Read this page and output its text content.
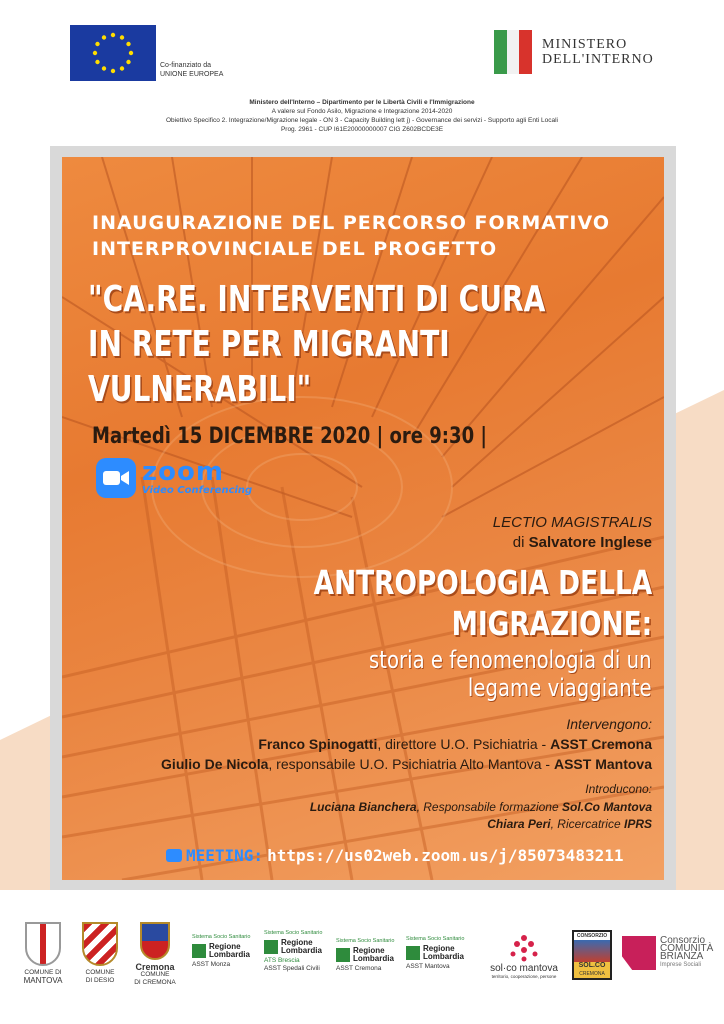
Co-finanziato da
UNIONE EUROPEA
MINISTERO
DELL'INTERNO
Ministero dell'Interno – Dipartimento per le Libertà Civili e l'Immigrazione
A valere sul Fondo Asilo, Migrazione e Integrazione 2014-2020
Obiettivo Specifico 2. Integrazione/Migrazione legale - ON 3 - Capacity Building lett j) - Governance dei servizi - Supporto agli Enti Locali
Prog. 2961 - CUP I61E20000000007 CIG Z602BCDE3E
INAUGURAZIONE DEL PERCORSO FORMATIVO
INTERPROVINCIALE DEL PROGETTO
"CA.RE. INTERVENTI DI CURA
IN RETE PER MIGRANTI
VULNERABILI"
Martedì 15 DICEMBRE 2020 | ore 9:30 |
zoom
Video Conferencing
LECTIO MAGISTRALIS
di Salvatore Inglese
ANTROPOLOGIA DELLA
MIGRAZIONE:
storia e fenomenologia di un
legame viaggiante
Intervengono:
Franco Spinogatti, direttore U.O. Psichiatria - ASST Cremona
Giulio De Nicola, responsabile U.O. Psichiatria Alto Mantova - ASST Mantova
Introducono:
Luciana Bianchera, Responsabile formazione Sol.Co Mantova
Chiara Peri, Ricercatrice IPRS
MEETING: https://us02web.zoom.us/j/85073483211
COMUNE DI
MANTOVA
COMUNE
DI DESIO
Cremona
COMUNE
DI CREMONA
Sistema Socio Sanitario
Regione
Lombardia
ASST Monza
Sistema Socio Sanitario
Regione
Lombardia
ATS Brescia
ASST Spedali Civili
Sistema Socio Sanitario
Regione
Lombardia
ASST Cremona
Sistema Socio Sanitario
Regione
Lombardia
ASST Mantova	sol·co mantova
territorio, cooperazione, persone
CONSORZIO
SOL.CO
CREMONA
Consorzio
COMUNITÀ
BRIANZA
Imprese Sociali
